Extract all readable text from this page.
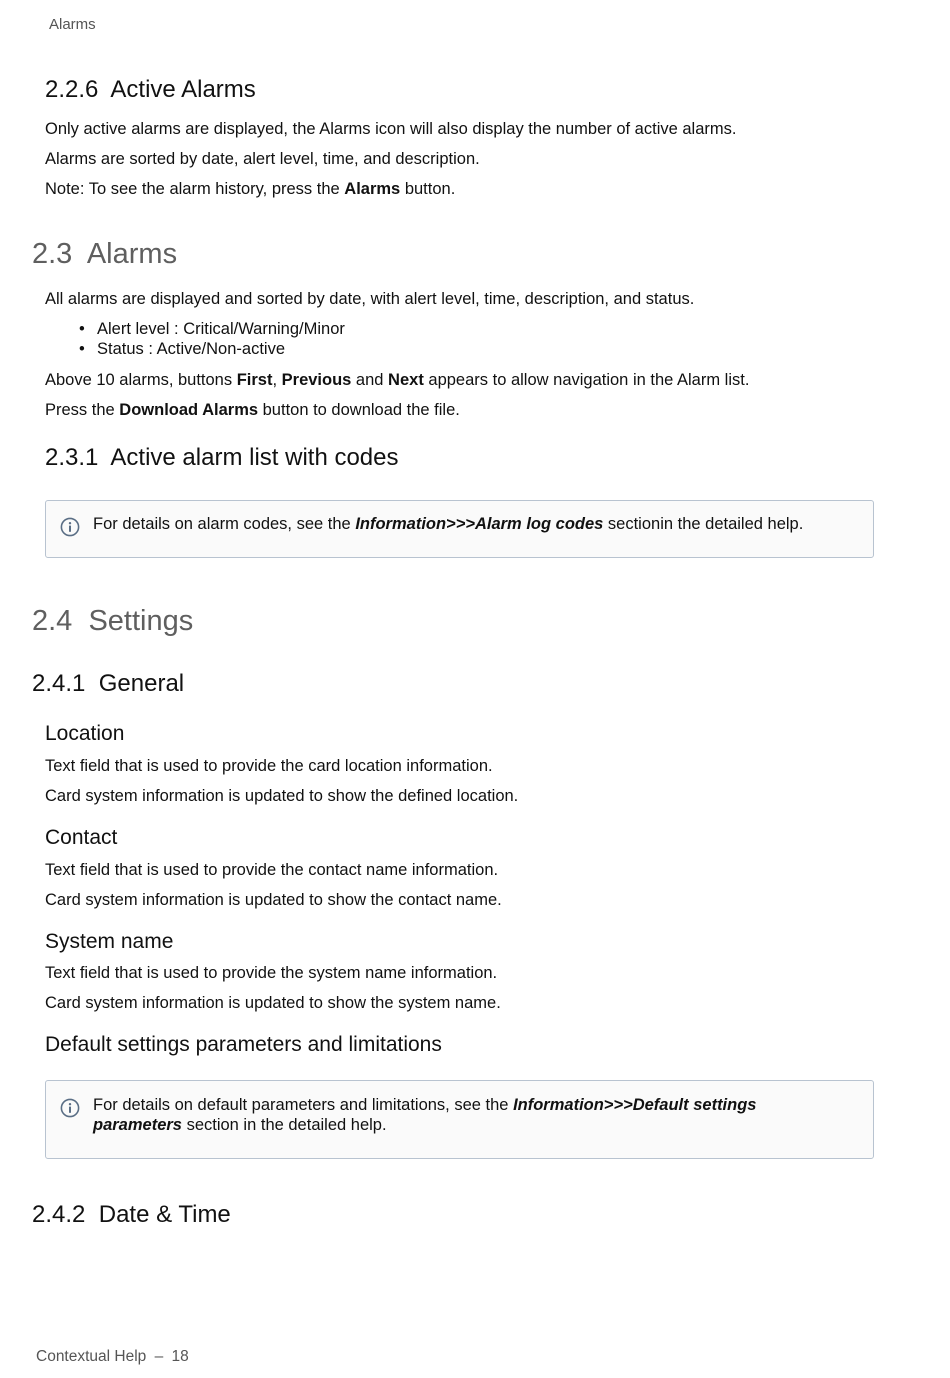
Alarms
2.2.6 Active Alarms
Only active alarms are displayed, the Alarms icon will also display the number of active alarms.
Alarms are sorted by date, alert level, time, and description.
Note: To see the alarm history, press the Alarms button.
2.3 Alarms
All alarms are displayed and sorted by date, with alert level, time, description, and status.
• Alert level : Critical/Warning/Minor
• Status : Active/Non-active
Above 10 alarms, buttons First, Previous and Next appears to allow navigation in the Alarm list.
Press the Download Alarms button to download the file.
2.3.1 Active alarm list with codes
For details on alarm codes, see the Information>>>Alarm log codes sectionin the detailed help.
2.4 Settings
2.4.1 General
Location
Text field that is used to provide the card location information.
Card system information is updated to show the defined location.
Contact
Text field that is used to provide the contact name information.
Card system information is updated to show the contact name.
System name
Text field that is used to provide the system name information.
Card system information is updated to show the system name.
Default settings parameters and limitations
For details on default parameters and limitations, see the Information>>>Default settings parameters section in the detailed help.
2.4.2 Date & Time
Contextual Help – 18
